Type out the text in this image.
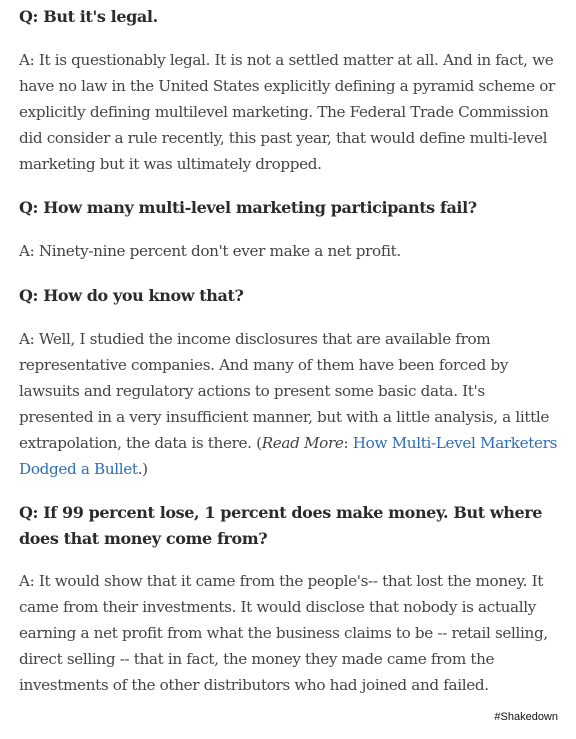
Q: But it's legal.

A: It is questionably legal. It is not a settled matter at all. And in fact, we have no law in the United States explicitly defining a pyramid scheme or explicitly defining multilevel marketing. The Federal Trade Commission did consider a rule recently, this past year, that would define multi-level marketing but it was ultimately dropped.

Q: How many multi-level marketing participants fail?

A: Ninety-nine percent don't ever make a net profit.

Q: How do you know that?

A: Well, I studied the income disclosures that are available from representative companies. And many of them have been forced by lawsuits and regulatory actions to present some basic data. It's presented in a very insufficient manner, but with a little analysis, a little extrapolation, the data is there. (Read More: How Multi-Level Marketers Dodged a Bullet.)

Q: If 99 percent lose, 1 percent does make money. But where does that money come from?

A: It would show that it came from the people's-- that lost the money. It came from their investments. It would disclose that nobody is actually earning a net profit from what the business claims to be -- retail selling, direct selling -- that in fact, the money they made came from the investments of the other distributors who had joined and failed.

#Shakedown
